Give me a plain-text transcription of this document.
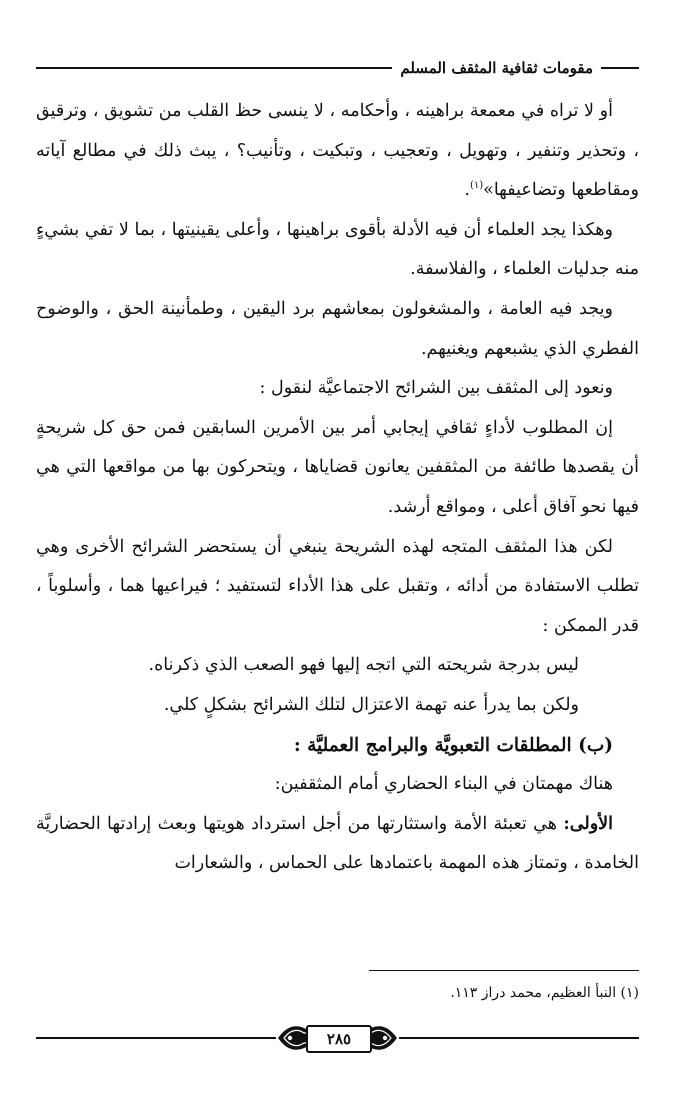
مقومات ثقافية المثقف المسلم

أو لا تراه في معمعة براهينه ، وأحكامه ، لا ينسى حظ القلب من تشويق ، وترقيق ، وتحذير وتنفير ، وتهويل ، وتعجيب ، وتبكيت ، وتأنيب؟ ، يبث ذلك في مطالع آياته ومقاطعها وتضاعيفها»$^{(١)}$.

وهكذا يجد العلماء أن فيه الأدلة بأقوى براهينها ، وأعلى يقينيتها ، بما لا تفي بشيءٍ منه جدليات العلماء ، والفلاسفة.

ويجد فيه العامة ، والمشغولون بمعاشهم برد اليقين ، وطمأنينة الحق ، والوضوح الفطري الذي يشبعهم ويغنيهم.

ونعود إلى المثقف بين الشرائح الاجتماعيَّة لنقول :

إن المطلوب لأداءٍ ثقافي إيجابي أمر بين الأمرين السابقين فمن حق كل شريحةٍ أن يقصدها طائفة من المثقفين يعانون قضاياها ، ويتحركون بها من مواقعها التي هي فيها نحو آفاق أعلى ، ومواقع أرشد.

لكن هذا المثقف المتجه لهذه الشريحة ينبغي أن يستحضر الشرائح الأخرى وهي تطلب الاستفادة من أدائه ، وتقبل على هذا الأداء لتستفيد ؛ فيراعيها هما ، وأسلوباً ، قدر الممكن :

ليس بدرجة شريحته التي اتجه إليها فهو الصعب الذي ذكرناه.

ولكن بما يدرأ عنه تهمة الاعتزال لتلك الشرائح بشكلٍ كلي.

(ب) المطلقات التعبويَّة والبرامج العمليَّة :

هناك مهمتان في البناء الحضاري أمام المثقفين:

الأولى: هي تعبئة الأمة واستثارتها من أجل استرداد هويتها وبعث إرادتها الحضاريَّة الخامدة ، وتمتاز هذه المهمة باعتمادها على الحماس ، والشعارات

(١) النبأ العظيم، محمد دراز ١١٣.
٢٨٥
